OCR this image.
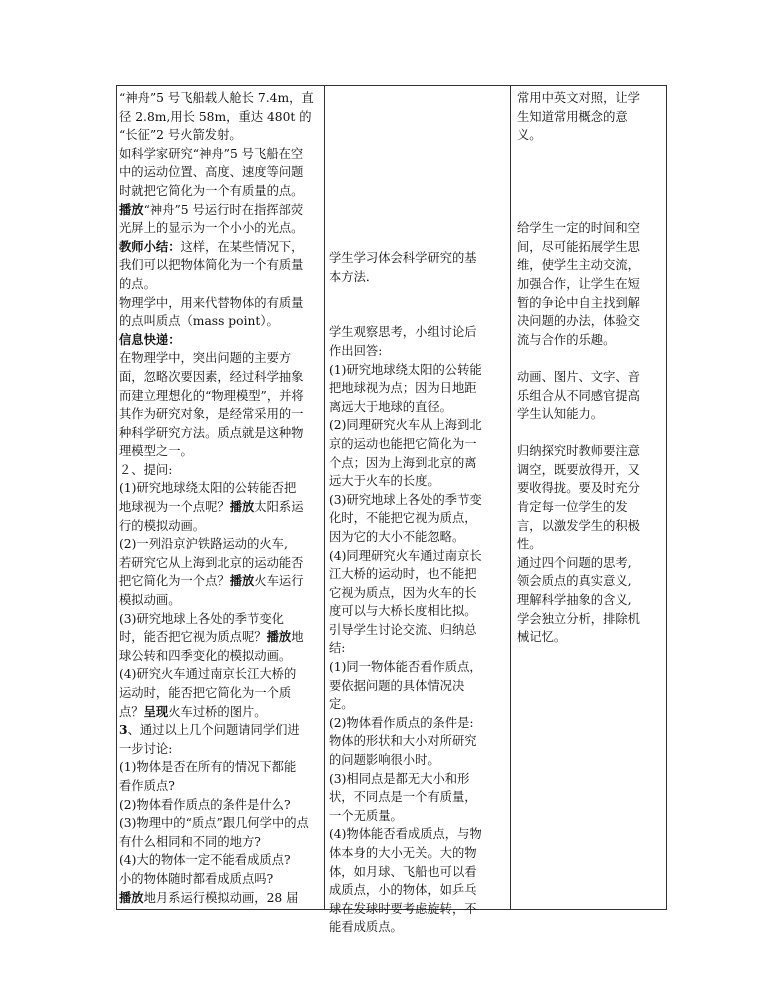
“神舟”5 号飞船载人舱长 7.4m，直
径 2.8m,用长 58m，重达 480t 的
“长征”2 号火箭发射。
如科学家研究“神舟”5 号飞船在空
中的运动位置、高度、速度等问题
时就把它简化为一个有质量的点。
播放“神舟”5 号运行时在指挥部荧
光屏上的显示为一个小小的光点。
教师小结：这样，在某些情况下，
我们可以把物体简化为一个有质量
的点。
物理学中，用来代替物体的有质量
的点叫质点（mass point）。
信息快递：
在物理学中，突出问题的主要方
面，忽略次要因素，经过科学抽象
而建立理想化的“物理模型”，并将
其作为研究对象，是经常采用的一
种科学研究方法。质点就是这种物
理模型之一。
２、提问:
(1)研究地球绕太阳的公转能否把
地球视为一个点呢？播放太阳系运
行的模拟动画。
(2)一列沿京沪铁路运动的火车,
若研究它从上海到北京的运动能否
把它简化为一个点？播放火车运行
模拟动画。
(3)研究地球上各处的季节变化
时，能否把它视为质点呢？播放地
球公转和四季变化的模拟动画。
(4)研究火车通过南京长江大桥的
运动时，能否把它简化为一个质
点？呈现火车过桥的图片。
3、通过以上几个问题请同学们进
一步讨论:
(1)物体是否在所有的情况下都能
看作质点?
(2)物体看作质点的条件是什么?
(3)物理中的“质点”跟几何学中的点
有什么相同和不同的地方?
(4)大的物体一定不能看成质点?
小的物体随时都看成质点吗?
播放地月系运行模拟动画，28 届
学生学习体会科学研究的基
本方法．

学生观察思考，小组讨论后
作出回答:
(1)研究地球绕太阳的公转能
把地球视为点；因为日地距
离远大于地球的直径。
(2)同理研究火车从上海到北
京的运动也能把它简化为一
个点；因为上海到北京的离
远大于火车的长度。
(3)研究地球上各处的季节变
化时，不能把它视为质点，
因为它的大小不能忽略。
(4)同理研究火车通过南京长
江大桥的运动时，也不能把
它视为质点，因为火车的长
度可以与大桥长度相比拟。
引导学生讨论交流、归纳总
结:
(1)同一物体能否看作质点，
要依据问题的具体情况决
定。
(2)物体看作质点的条件是:
物体的形状和大小对所研究
的问题影响很小时。
(3)相同点是都无大小和形
状，不同点是一个有质量，
一个无质量。
(4)物体能否看成质点，与物
体本身的大小无关。大的物
体，如月球、飞船也可以看
成质点，小的物体，如乒乓
球在发球时要考虑旋转，不
能看成质点。
常用中英文对照，让学
生知道常用概念的意
义。

给学生一定的时间和空
间，尽可能拓展学生思
维，使学生主动交流，
加强合作，让学生在短
暂的争论中自主找到解
决问题的办法，体验交
流与合作的乐趣。

动画、图片、文字、音
乐组合从不同感官提高
学生认知能力。

归纳探究时教师要注意
调空，既要放得开，又
要收得拢。要及时充分
肯定每一位学生的发
言，以激发学生的积极
性。
通过四个问题的思考,
领会质点的真实意义,
理解科学抽象的含义,
学会独立分析，排除机
械记忆。
